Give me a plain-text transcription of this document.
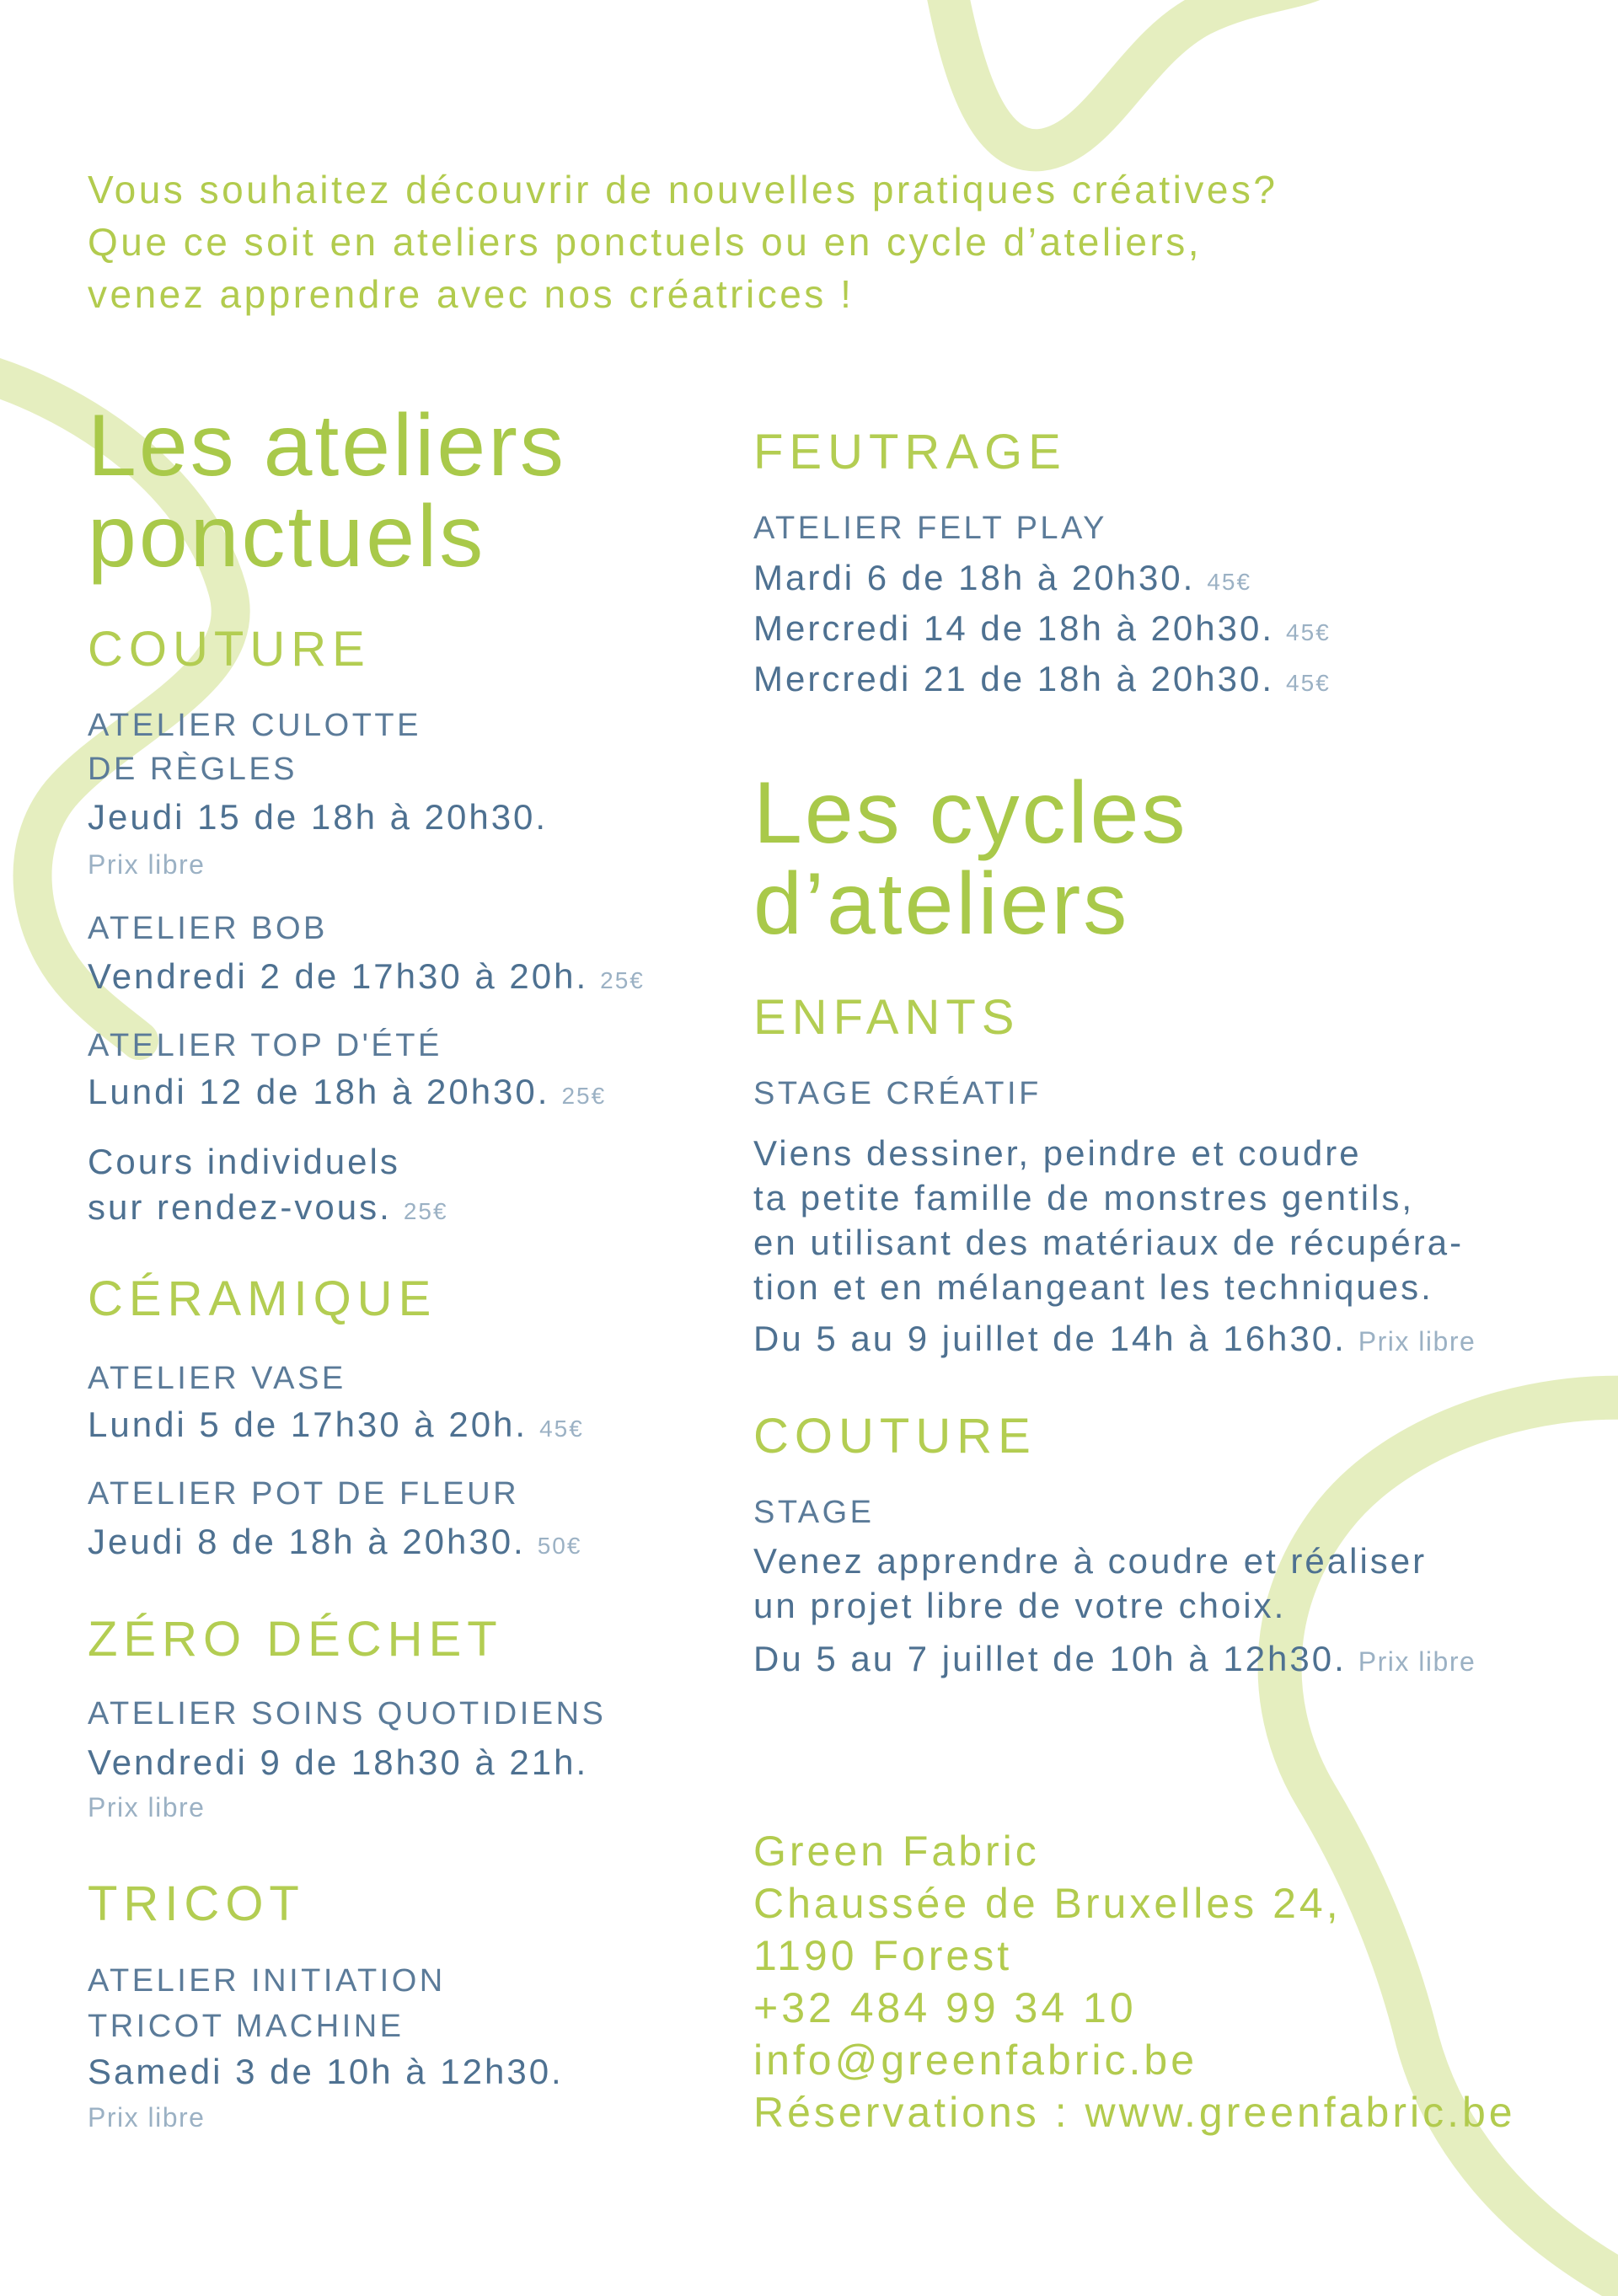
Vous souhaitez découvrir de nouvelles pratiques créatives?
Que ce soit en ateliers ponctuels ou en cycle d’ateliers,
venez apprendre avec nos créatrices !
Les ateliers
ponctuels
COUTURE
ATELIER CULOTTE
DE RÈGLES
Jeudi 15 de 18h à 20h30.
Prix libre
ATELIER BOB
Vendredi 2 de 17h30 à 20h. 25€
ATELIER TOP D'ÉTÉ
Lundi 12 de 18h à 20h30. 25€
Cours individuels
sur rendez-vous. 25€
CÉRAMIQUE
ATELIER VASE
Lundi 5 de 17h30 à 20h. 45€
ATELIER POT DE FLEUR
Jeudi 8 de 18h à 20h30. 50€
ZÉRO DÉCHET
ATELIER SOINS QUOTIDIENS
Vendredi 9 de 18h30 à 21h.
Prix libre
TRICOT
ATELIER INITIATION
TRICOT MACHINE
Samedi 3 de 10h à 12h30.
Prix libre
FEUTRAGE
ATELIER FELT PLAY
Mardi 6 de 18h à 20h30. 45€
Mercredi 14 de 18h à 20h30. 45€
Mercredi 21 de 18h à 20h30. 45€
Les cycles
d’ateliers
ENFANTS
STAGE CRÉATIF
Viens dessiner, peindre et coudre
ta petite famille de monstres gentils,
en utilisant des matériaux de récupéra-
tion et en mélangeant les techniques.
Du 5 au 9 juillet de 14h à 16h30. Prix libre
COUTURE
STAGE
Venez apprendre à coudre et réaliser
un projet libre de votre choix.
Du 5 au 7 juillet de 10h à 12h30. Prix libre
Green Fabric
Chaussée de Bruxelles 24,
1190 Forest
+32 484 99 34 10
info@greenfabric.be
Réservations : www.greenfabric.be
